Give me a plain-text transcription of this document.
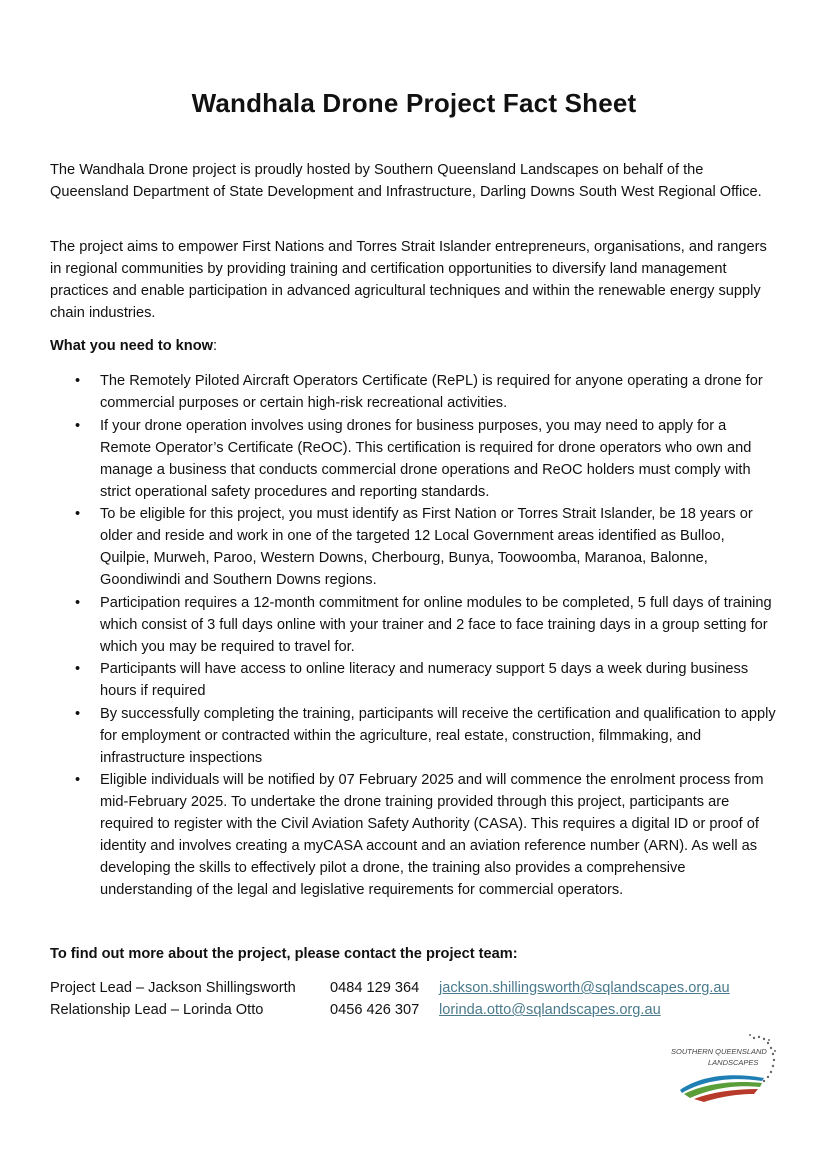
Wandhala Drone Project Fact Sheet

The Wandhala Drone project is proudly hosted by Southern Queensland Landscapes on behalf of the Queensland Department of State Development and Infrastructure, Darling Downs South West Regional Office.

The project aims to empower First Nations and Torres Strait Islander entrepreneurs, organisations, and rangers in regional communities by providing training and certification opportunities to diversify land management practices and enable participation in advanced agricultural techniques and within the renewable energy supply chain industries.

What you need to know:

• The Remotely Piloted Aircraft Operators Certificate (RePL) is required for anyone operating a drone for commercial purposes or certain high-risk recreational activities.
• If your drone operation involves using drones for business purposes, you may need to apply for a Remote Operator’s Certificate (ReOC). This certification is required for drone operators who own and manage a business that conducts commercial drone operations and ReOC holders must comply with strict operational safety procedures and reporting standards.
• To be eligible for this project, you must identify as First Nation or Torres Strait Islander, be 18 years or older and reside and work in one of the targeted 12 Local Government areas identified as Bulloo, Quilpie, Murweh, Paroo, Western Downs, Cherbourg, Bunya, Toowoomba, Maranoa, Balonne, Goondiwindi and Southern Downs regions.
• Participation requires a 12-month commitment for online modules to be completed, 5 full days of training which consist of 3 full days online with your trainer and 2 face to face training days in a group setting for which you may be required to travel for.
• Participants will have access to online literacy and numeracy support 5 days a week during business hours if required
• By successfully completing the training, participants will receive the certification and qualification to apply for employment or contracted within the agriculture, real estate, construction, filmmaking, and infrastructure inspections
• Eligible individuals will be notified by 07 February 2025 and will commence the enrolment process from mid-February 2025. To undertake the drone training provided through this project, participants are required to register with the Civil Aviation Safety Authority (CASA). This requires a digital ID or proof of identity and involves creating a myCASA account and an aviation reference number (ARN). As well as developing the skills to effectively pilot a drone, the training also provides a comprehensive understanding of the legal and legislative requirements for commercial operators.
To find out more about the project, please contact the project team:
Project Lead – Jackson Shillingsworth 0484 129 364 jackson.shillingsworth@sqlandscapes.org.au
Relationship Lead – Lorinda Otto	0456 426 307 lorinda.otto@sqlandscapes.org.au
SOUTHERN QUEENSLAND
LANDSCAPES
